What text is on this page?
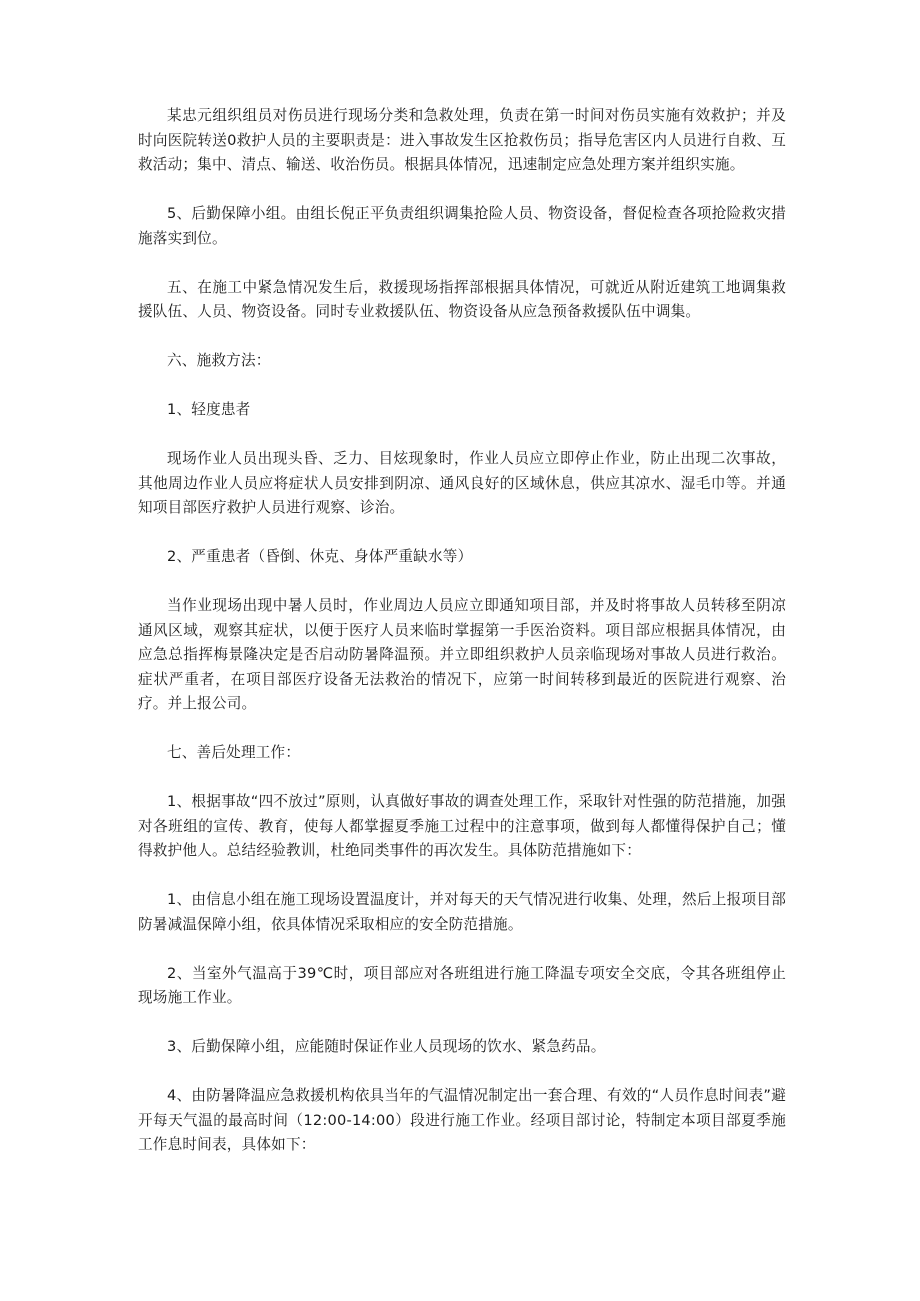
某忠元组织组员对伤员进行现场分类和急救处理，负责在第一时间对伤员实施有效救护；并及时向医院转送0救护人员的主要职责是：进入事故发生区抢救伤员；指导危害区内人员进行自救、互救活动；集中、清点、输送、收治伤员。根据具体情况，迅速制定应急处理方案并组织实施。

5、后勤保障小组。由组长倪正平负责组织调集抢险人员、物资设备，督促检查各项抢险救灾措施落实到位。

五、在施工中紧急情况发生后，救援现场指挥部根据具体情况，可就近从附近建筑工地调集救援队伍、人员、物资设备。同时专业救援队伍、物资设备从应急预备救援队伍中调集。

六、施救方法：

1、轻度患者

现场作业人员出现头昏、乏力、目炫现象时，作业人员应立即停止作业，防止出现二次事故，其他周边作业人员应将症状人员安排到阴凉、通风良好的区域休息，供应其凉水、湿毛巾等。并通知项目部医疗救护人员进行观察、诊治。

2、严重患者（昏倒、休克、身体严重缺水等）

当作业现场出现中暑人员时，作业周边人员应立即通知项目部，并及时将事故人员转移至阴凉通风区域，观察其症状，以便于医疗人员来临时掌握第一手医治资料。项目部应根据具体情况，由应急总指挥梅景隆决定是否启动防暑降温预。并立即组织救护人员亲临现场对事故人员进行救治。症状严重者，在项目部医疗设备无法救治的情况下，应第一时间转移到最近的医院进行观察、治疗。并上报公司。

七、善后处理工作：

1、根据事故“四不放过”原则，认真做好事故的调查处理工作，采取针对性强的防范措施，加强对各班组的宣传、教育，使每人都掌握夏季施工过程中的注意事项，做到每人都懂得保护自己；懂得救护他人。总结经验教训，杜绝同类事件的再次发生。具体防范措施如下：

1、由信息小组在施工现场设置温度计，并对每天的天气情况进行收集、处理，然后上报项目部防暑减温保障小组，依具体情况采取相应的安全防范措施。

2、当室外气温高于39℃时，项目部应对各班组进行施工降温专项安全交底，令其各班组停止现场施工作业。

3、后勤保障小组，应能随时保证作业人员现场的饮水、紧急药品。

4、由防暑降温应急救援机构依具当年的气温情况制定出一套合理、有效的“人员作息时间表”避开每天气温的最高时间（12:00-14:00）段进行施工作业。经项目部讨论，特制定本项目部夏季施工作息时间表，具体如下：
